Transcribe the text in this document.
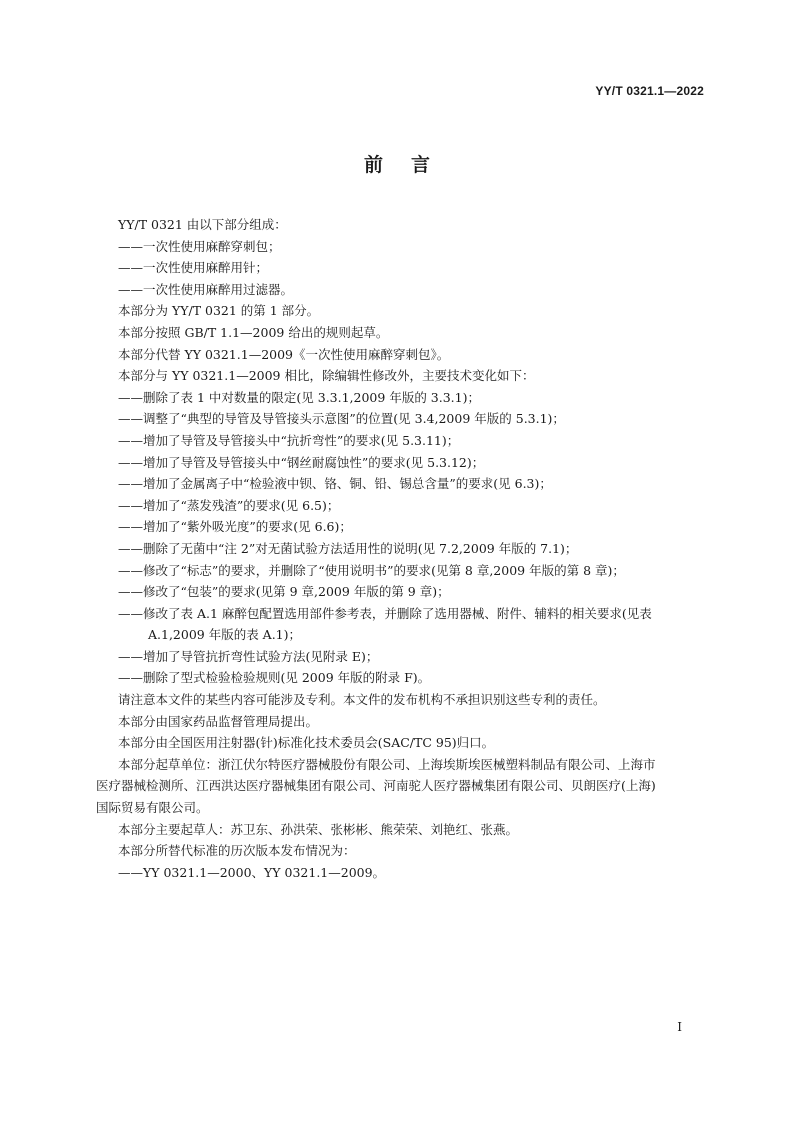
YY/T 0321.1—2022
前言

YY/T 0321 由以下部分组成：

——一次性使用麻醉穿刺包；

——一次性使用麻醉用针；

——一次性使用麻醉用过滤器。

本部分为 YY/T 0321 的第 1 部分。

本部分按照 GB/T 1.1—2009 给出的规则起草。

本部分代替 YY 0321.1—2009《一次性使用麻醉穿刺包》。

本部分与 YY 0321.1—2009 相比，除编辑性修改外，主要技术变化如下：

——删除了表 1 中对数量的限定(见 3.3.1,2009 年版的 3.3.1)；

——调整了“典型的导管及导管接头示意图”的位置(见 3.4,2009 年版的 5.3.1)；

——增加了导管及导管接头中“抗折弯性”的要求(见 5.3.11)；

——增加了导管及导管接头中“钢丝耐腐蚀性”的要求(见 5.3.12)；

——增加了金属离子中“检验液中钡、铬、铜、铅、锡总含量”的要求(见 6.3)；

——增加了“蒸发残渣”的要求(见 6.5)；

——增加了“紫外吸光度”的要求(见 6.6)；

——删除了无菌中“注 2”对无菌试验方法适用性的说明(见 7.2,2009 年版的 7.1)；

——修改了“标志”的要求，并删除了“使用说明书”的要求(见第 8 章,2009 年版的第 8 章)；

——修改了“包装”的要求(见第 9 章,2009 年版的第 9 章)；

——修改了表 A.1 麻醉包配置选用部件参考表，并删除了选用器械、附件、辅料的相关要求(见表
A.1,2009 年版的表 A.1)；

——增加了导管抗折弯性试验方法(见附录 E)；

——删除了型式检验检验规则(见 2009 年版的附录 F)。

请注意本文件的某些内容可能涉及专利。本文件的发布机构不承担识别这些专利的责任。

本部分由国家药品监督管理局提出。

本部分由全国医用注射器(针)标准化技术委员会(SAC/TC 95)归口。

本部分起草单位：浙江伏尔特医疗器械股份有限公司、上海埃斯埃医械塑料制品有限公司、上海市
医疗器械检测所、江西洪达医疗器械集团有限公司、河南驼人医疗器械集团有限公司、贝朗医疗(上海)
国际贸易有限公司。

本部分主要起草人：苏卫东、孙洪荣、张彬彬、熊荣荣、刘艳红、张燕。

本部分所替代标准的历次版本发布情况为：

——YY 0321.1—2000、YY 0321.1—2009。

I
